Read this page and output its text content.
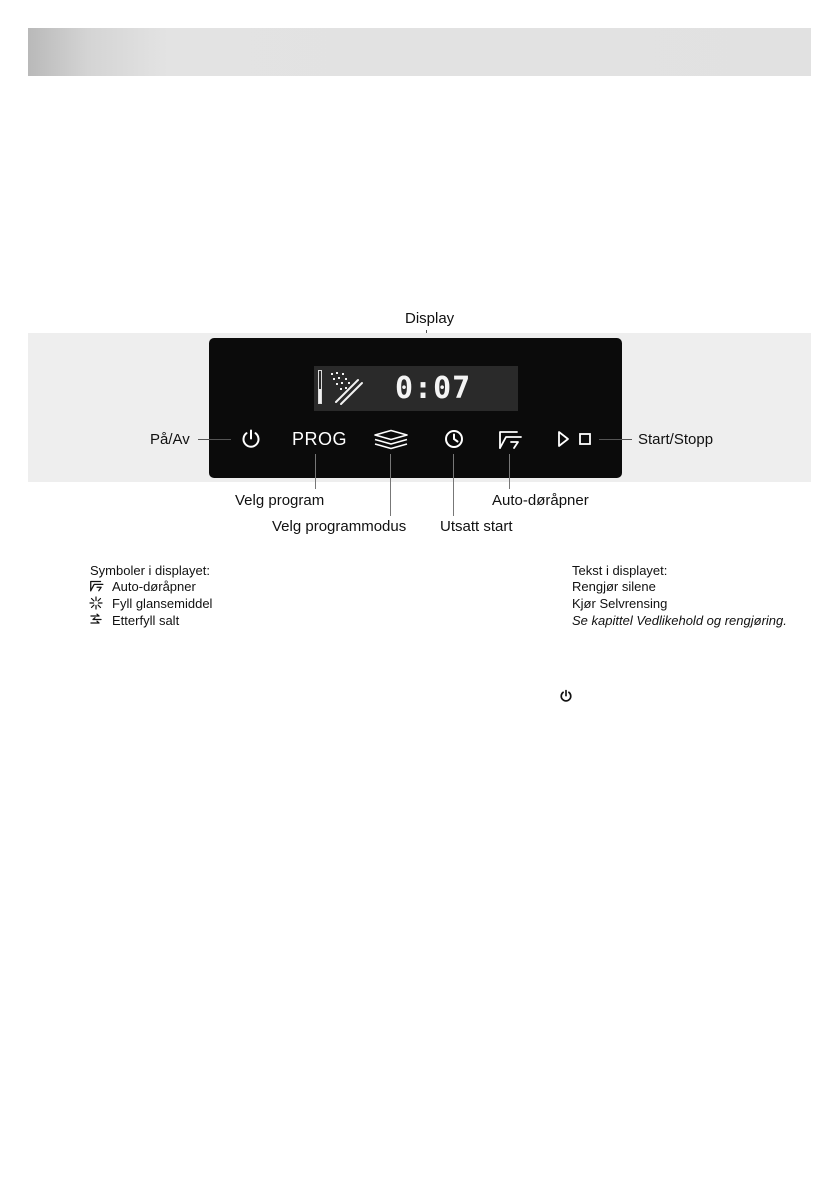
Display
0:07
På/Av	PROG
Velg program
Velg programmodus Utsatt start
Auto-døråpner
Start/Stopp
Symboler i displayet:
Auto-døråpner
Fyll glansemiddel
Etterfyll salt
Tekst i displayet:
Rengjør silene
Kjør Selvrensing
Se kapittel Vedlikehold og rengjøring.
